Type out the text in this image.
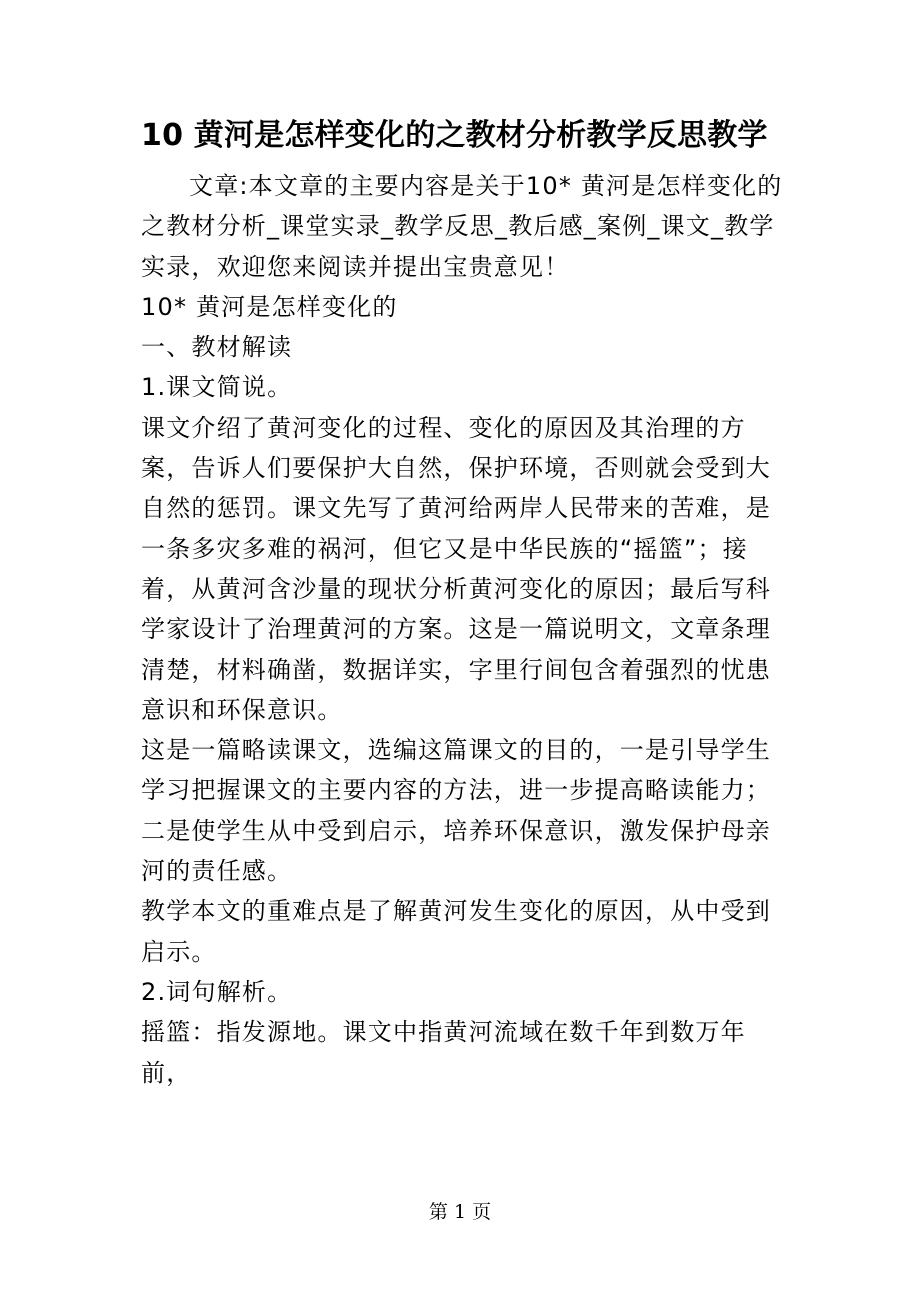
10 黄河是怎样变化的之教材分析教学反思教学

文章:本文章的主要内容是关于10* 黄河是怎样变化的之教材分析_课堂实录_教学反思_教后感_案例_课文_教学实录，欢迎您来阅读并提出宝贵意见！

10* 黄河是怎样变化的

一、教材解读

1.课文简说。

课文介绍了黄河变化的过程、变化的原因及其治理的方案，告诉人们要保护大自然，保护环境，否则就会受到大自然的惩罚。课文先写了黄河给两岸人民带来的苦难，是一条多灾多难的祸河，但它又是中华民族的“摇篮”；接着，从黄河含沙量的现状分析黄河变化的原因；最后写科学家设计了治理黄河的方案。这是一篇说明文，文章条理清楚，材料确凿，数据详实，字里行间包含着强烈的忧患意识和环保意识。

这是一篇略读课文，选编这篇课文的目的，一是引导学生学习把握课文的主要内容的方法，进一步提高略读能力；二是使学生从中受到启示，培养环保意识，激发保护母亲河的责任感。

教学本文的重难点是了解黄河发生变化的原因，从中受到启示。

2.词句解析。

摇篮：指发源地。课文中指黄河流域在数千年到数万年前，

第 1 页
